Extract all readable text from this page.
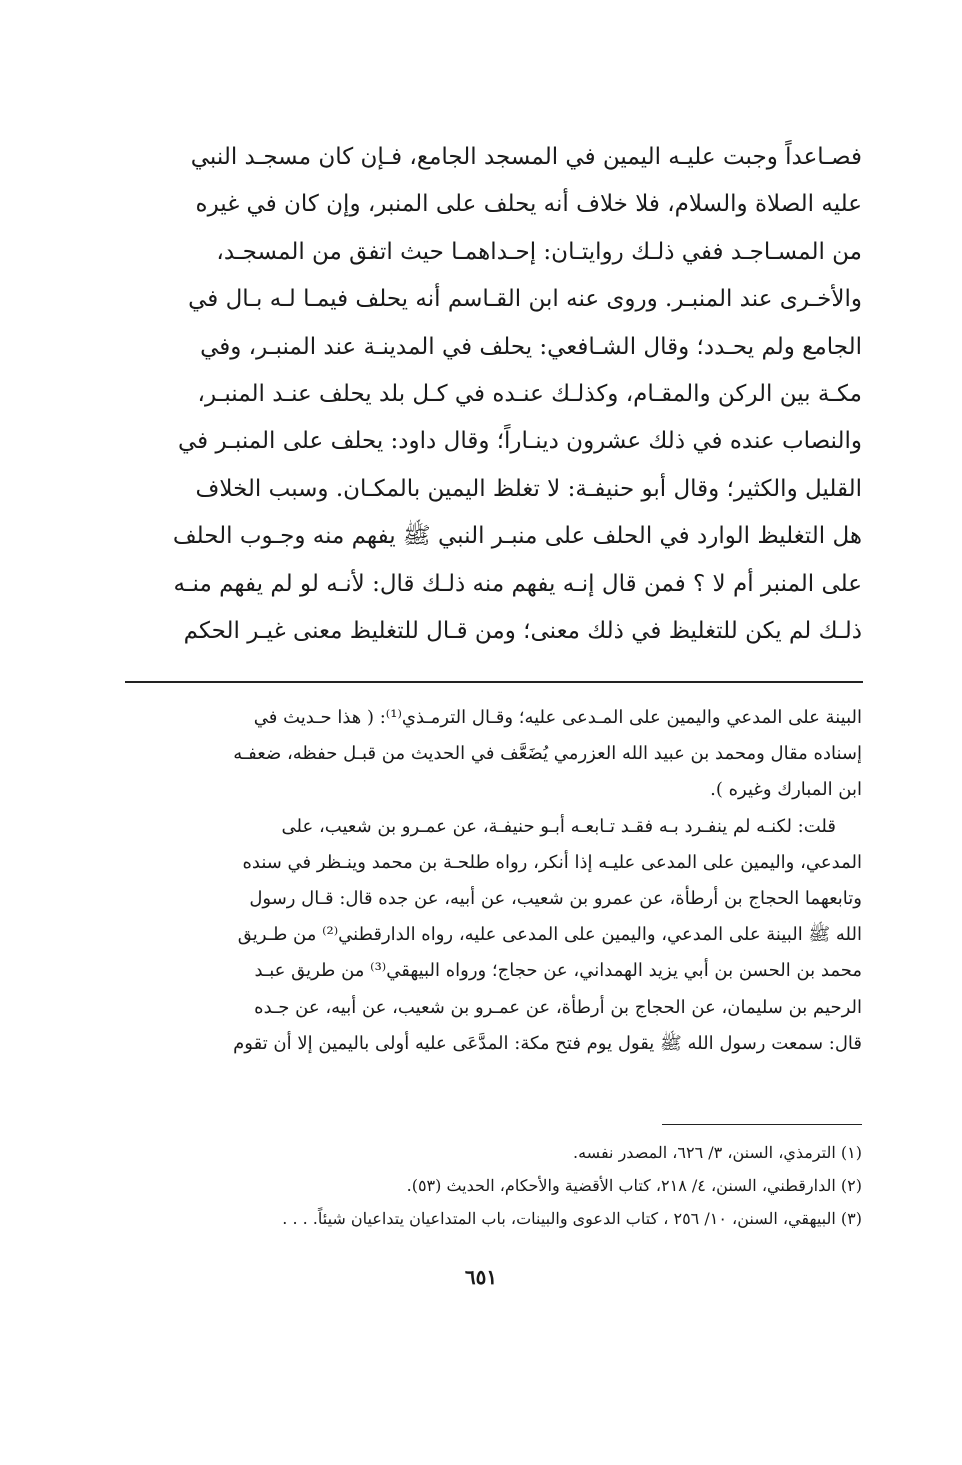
فصـاعداً وجبت عليـه اليمين في المسجد الجامع، فـإن كان مسجـد النبي
عليه الصلاة والسلام، فلا خلاف أنه يحلف على المنبر، وإن كان في غيره
من المسـاجـد ففي ذلـك روايتـان: إحـداهمـا حيث اتفق من المسجـد،
والأخـرى عند المنبـر. وروى عنه ابن القـاسم أنه يحلف فيمـا لـه بـال في
الجامع ولم يحـدد؛ وقال الشـافعي: يحلف في المدينـة عند المنبـر، وفي
مكـة بين الركن والمقـام، وكذلـك عنـده في كـل بلد يحلف عنـد المنبـر،
والنصاب عنده في ذلك عشرون دينـاراً؛ وقال داود: يحلف على المنبـر في
القليل والكثير؛ وقال أبو حنيفـة: لا تغلظ اليمين بالمكـان. وسبب الخلاف
هل التغليظ الوارد في الحلف على منبـر النبي ﷺ يفهم منه وجـوب الحلف
على المنبر أم لا ؟ فمن قال إنـه يفهم منه ذلـك قال: لأنـه لو لم يفهم منـه
ذلـك لم يكن للتغليظ في ذلك معنى؛ ومن قـال للتغليظ معنى غيـر الحكم
البينة على المدعي واليمين على المـدعى عليه؛ وقـال الترمـذي⁽¹⁾: ( هذا حـديث في
إسناده مقال ومحمد بن عبيد الله العزرمي يُضَعَّف في الحديث من قبـل حفظه، ضعفـه
ابن المبارك وغيره ).
قلت: لكنـه لم ينفـرد بـه فقـد تـابعـه أبـو حنيفـة، عن عمـرو بن شعيب، على
المدعي، واليمين على المدعى عليـه إذا أنكر، رواه طلحـة بن محمد وينـظر في سنده
وتابعهما الحجاج بن أرطأة، عن عمرو بن شعيب، عن أبيه، عن جده قال: قـال رسول
الله ﷺ البينة على المدعي، واليمين على المدعى عليه، رواه الدارقطني⁽²⁾ من طـريق
محمد بن الحسن بن أبي يزيد الهمداني، عن حجاج؛ ورواه البيهقي⁽³⁾ من طريق عبـد
الرحيم بن سليمان، عن الحجاج بن أرطأة، عن عمـرو بن شعيب، عن أبيه، عن جـده
قال: سمعت رسول الله ﷺ يقول يوم فتح مكة: المدَّعَى عليه أولى باليمين إلا أن تقوم
(١) الترمذي، السنن، ٣/ ٦٢٦، المصدر نفسه.
(٢) الدارقطني، السنن، ٤/ ٢١٨، كتاب الأقضية والأحكام، الحديث (٥٣).
(٣) البيهقي، السنن، ١٠/ ٢٥٦ ، كتاب الدعوى والبينات، باب المتداعيان يتداعيان شيئاً. . . .
٦٥١
